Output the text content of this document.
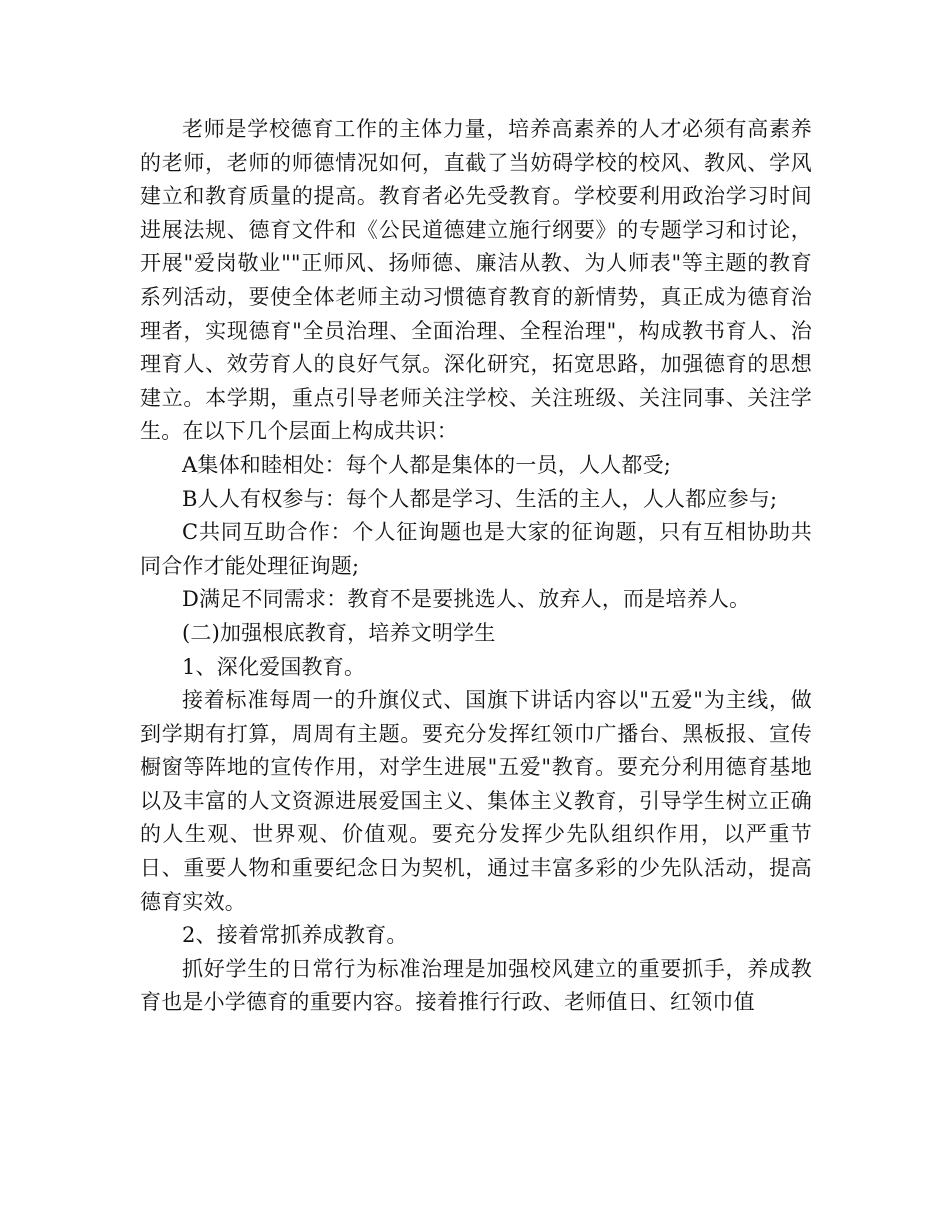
老师是学校德育工作的主体力量，培养高素养的人才必须有高素养的老师，老师的师德情况如何，直截了当妨碍学校的校风、教风、学风建立和教育质量的提高。教育者必先受教育。学校要利用政治学习时间进展法规、德育文件和《公民道德建立施行纲要》的专题学习和讨论，开展"爱岗敬业""正师风、扬师德、廉洁从教、为人师表"等主题的教育系列活动，要使全体老师主动习惯德育教育的新情势，真正成为德育治理者，实现德育"全员治理、全面治理、全程治理"，构成教书育人、治理育人、效劳育人的良好气氛。深化研究，拓宽思路，加强德育的思想建立。本学期，重点引导老师关注学校、关注班级、关注同事、关注学生。在以下几个层面上构成共识：

A集体和睦相处：每个人都是集体的一员，人人都受;

B人人有权参与：每个人都是学习、生活的主人，人人都应参与;

C共同互助合作：个人征询题也是大家的征询题，只有互相协助共同合作才能处理征询题;

D满足不同需求：教育不是要挑选人、放弃人，而是培养人。

(二)加强根底教育，培养文明学生

1、深化爱国教育。

接着标准每周一的升旗仪式、国旗下讲话内容以"五爱"为主线，做到学期有打算，周周有主题。要充分发挥红领巾广播台、黑板报、宣传橱窗等阵地的宣传作用，对学生进展"五爱"教育。要充分利用德育基地以及丰富的人文资源进展爱国主义、集体主义教育，引导学生树立正确的人生观、世界观、价值观。要充分发挥少先队组织作用，以严重节日、重要人物和重要纪念日为契机，通过丰富多彩的少先队活动，提高德育实效。

2、接着常抓养成教育。

抓好学生的日常行为标准治理是加强校风建立的重要抓手，养成教育也是小学德育的重要内容。接着推行行政、老师值日、红领巾值
